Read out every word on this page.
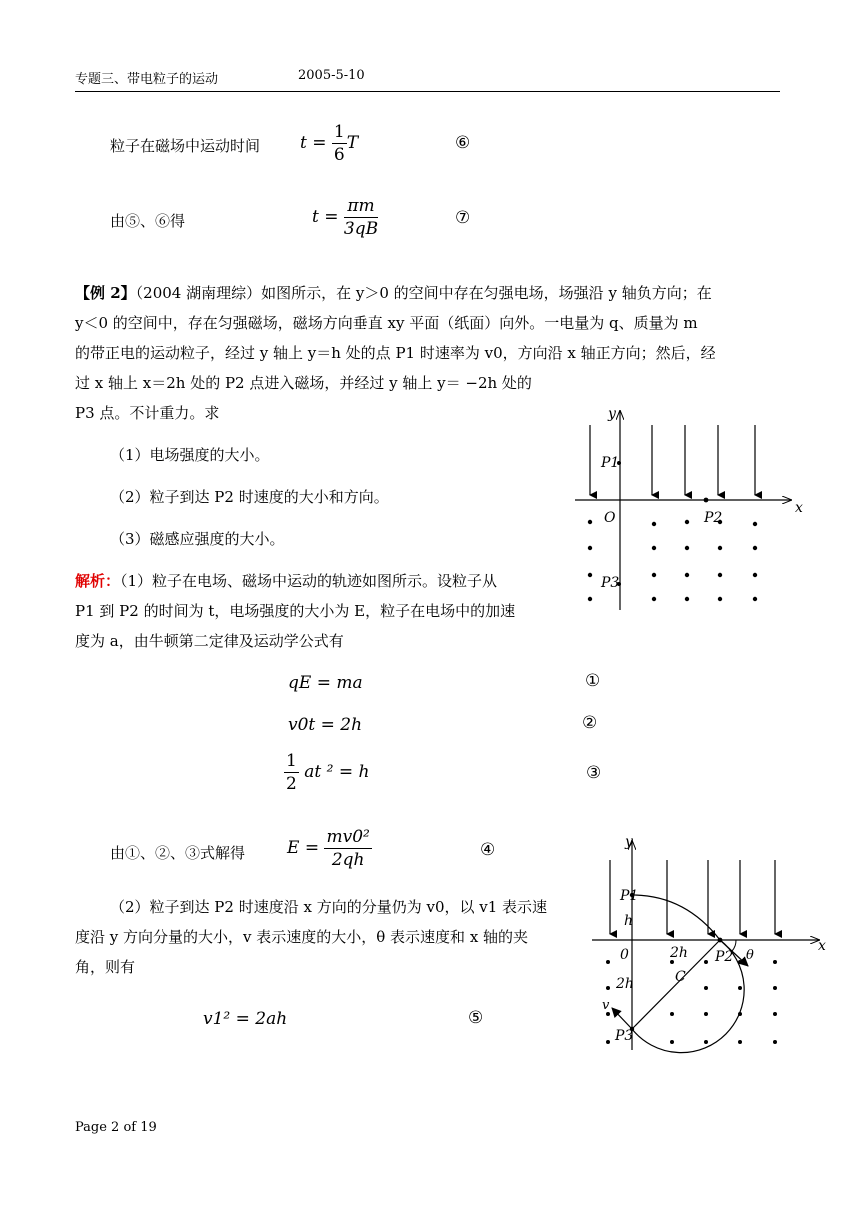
专题三、带电粒子的运动	2005-5-10
粒子在磁场中运动时间 $t = \frac{1}{6}$ T	⑥
由⑤、⑥得	$t = \frac{\pi m}{3qB}$	⑦
【例 2】（2004 湖南理综）如图所示，在 y＞0 的空间中存在匀强电场，场强沿 y 轴负方向；在
y＜0 的空间中，存在匀强磁场，磁场方向垂直 xy 平面（纸面）向外。一电量为 q、质量为 m
的带正电的运动粒子，经过 y 轴上 y＝h 处的点 P1 时速率为 v0，方向沿 x 轴正方向；然后，经
过 x 轴上 x＝2h 处的 P2 点进入磁场，并经过 y 轴上 y＝ −2h 处的
P3 点。不计重力。求
（1）电场强度的大小。
（2）粒子到达 P2 时速度的大小和方向。
（3）磁感应强度的大小。
解析：（1）粒子在电场、磁场中运动的轨迹如图所示。设粒子从
P1 到 P2 的时间为 t，电场强度的大小为 E，粒子在电场中的加速
度为 a，由牛顿第二定律及运动学公式有
qE = ma	①
v0t = 2h	②
$\frac{1}{2}$ at ² = h	③
由①、②、③式解得 $E = \frac{\text{mv0²}}{2qh}$	④
（2）粒子到达 P2 时速度沿 x 方向的分量仍为 v0，以 v1 表示速
度沿 y 方向分量的大小，v 表示速度的大小，θ 表示速度和 x 轴的夹
角，则有
v1² = 2ah	⑤
y
x
O
P1
P2
P3
y
x
0
P1
P2
P3
h
2h
2h	C
θ
v
Page 2 of 19
